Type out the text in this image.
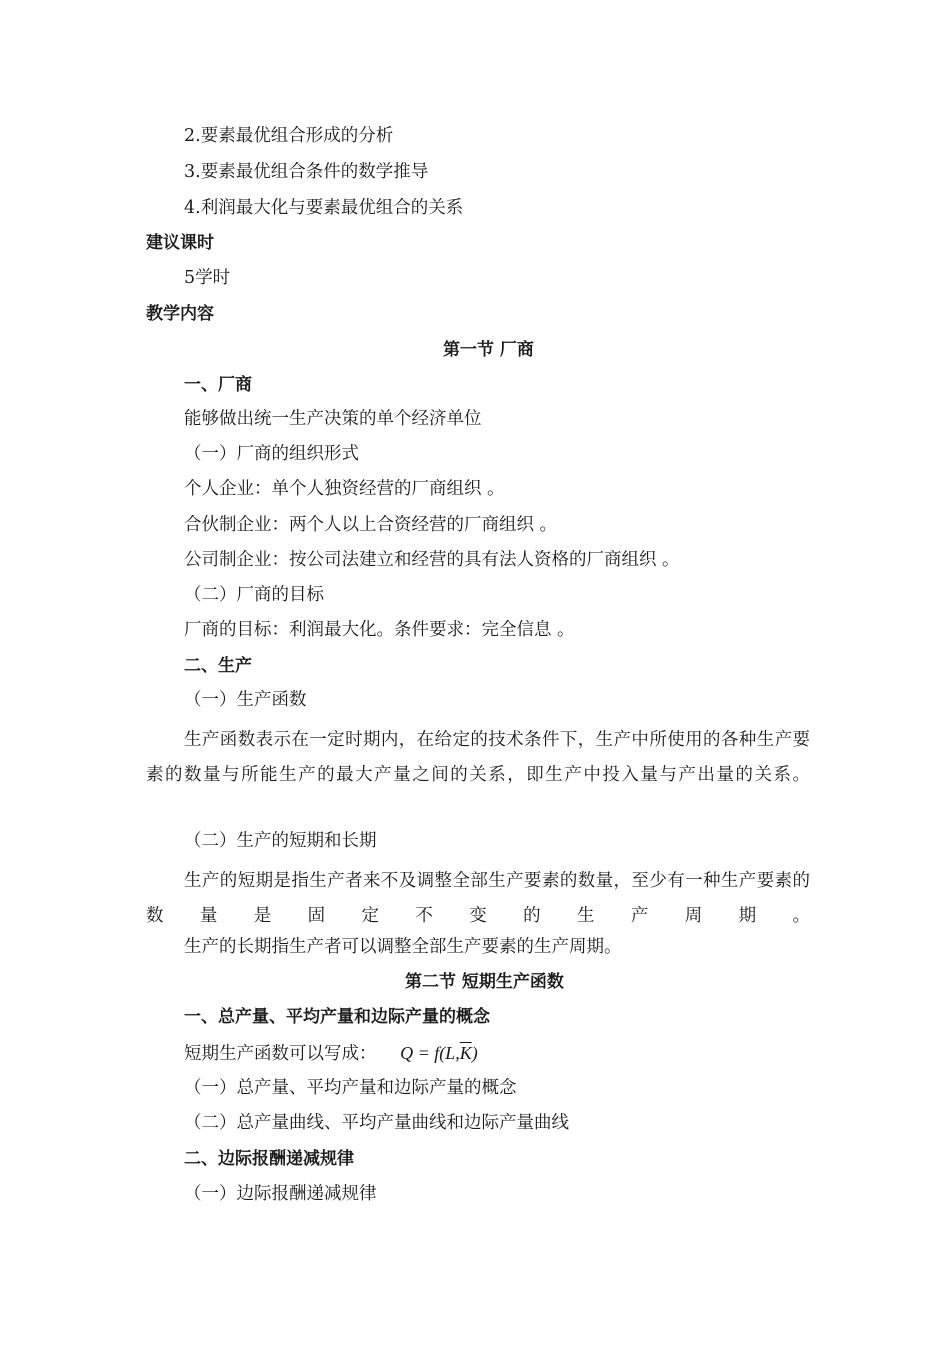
2.要素最优组合形成的分析
3.要素最优组合条件的数学推导
4.利润最大化与要素最优组合的关系
建议课时
5学时
教学内容
第一节 厂商
一、厂商
能够做出统一生产决策的单个经济单位
（一）厂商的组织形式
个人企业：单个人独资经营的厂商组织 。
合伙制企业：两个人以上合资经营的厂商组织 。
公司制企业：按公司法建立和经营的具有法人资格的厂商组织 。
（二）厂商的目标
厂商的目标：利润最大化。条件要求：完全信息 。
二、生产
（一）生产函数
生产函数表示在一定时期内，在给定的技术条件下，生产中所使用的各种生产要素的数量与所能生产的最大产量之间的关系，即生产中投入量与产出量的关系。
（二）生产的短期和长期
生产的短期是指生产者来不及调整全部生产要素的数量，至少有一种生产要素的数量是固定不变的生产周期。
生产的长期指生产者可以调整全部生产要素的生产周期。
第二节 短期生产函数
一、总产量、平均产量和边际产量的概念
短期生产函数可以写成： $Q = f(L,\overline{K})$
（一）总产量、平均产量和边际产量的概念
（二）总产量曲线、平均产量曲线和边际产量曲线
二、边际报酬递减规律
（一）边际报酬递减规律
